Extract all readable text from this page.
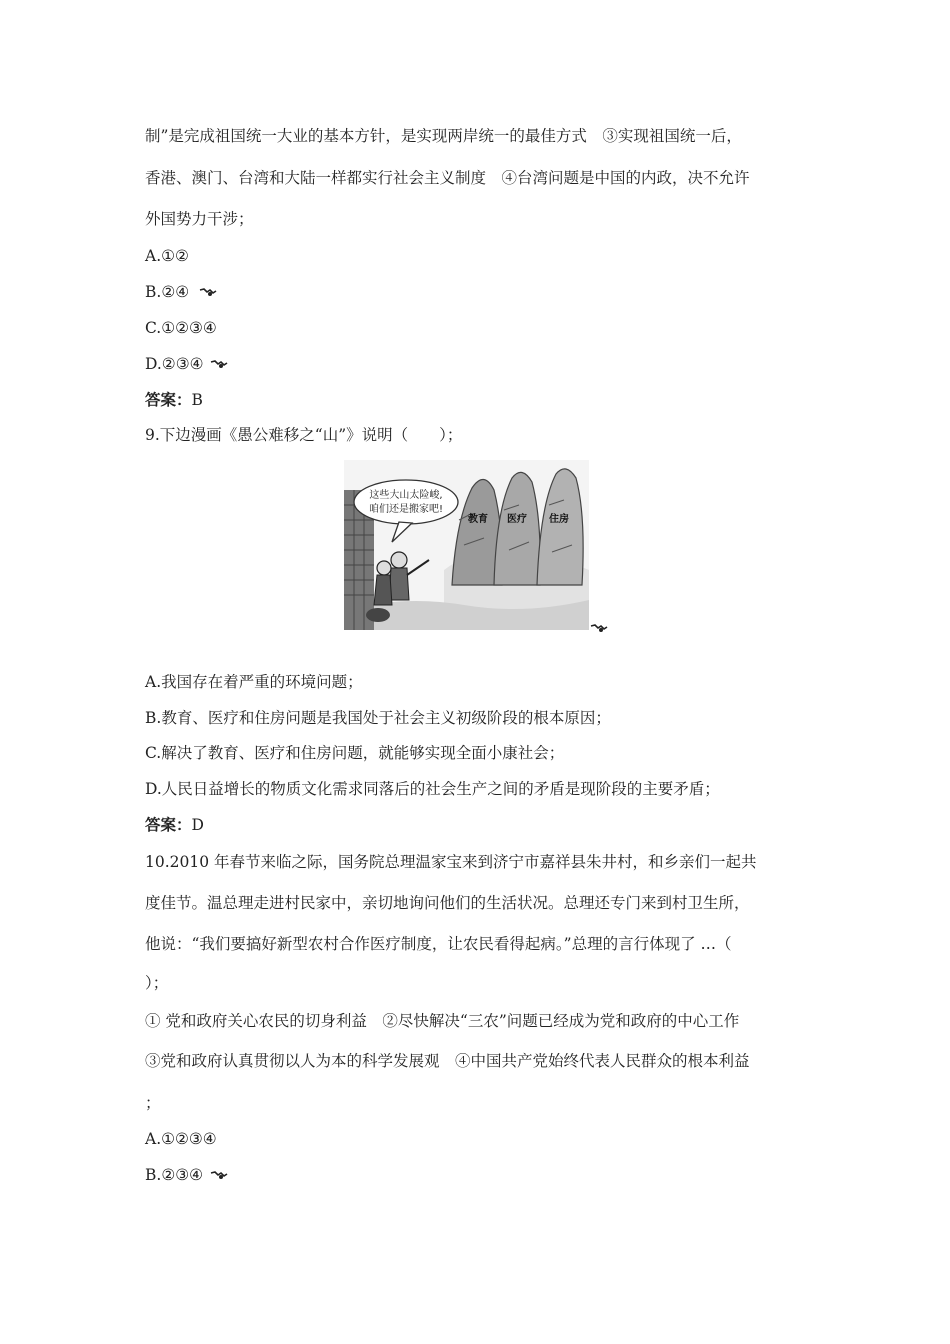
制”是完成祖国统一大业的基本方针，是实现两岸统一的最佳方式　③实现祖国统一后，
香港、澳门、台湾和大陆一样都实行社会主义制度　④台湾问题是中国的内政，决不允许
外国势力干涉；
A.①②
B.②④
C.①②③④
D.②③④
答案：B
9.下边漫画《愚公难移之“山”》说明（　　）；
这些大山太险峻,
咱们还是搬家吧!
教育 医疗 住房
A.我国存在着严重的环境问题；
B.教育、医疗和住房问题是我国处于社会主义初级阶段的根本原因；
C.解决了教育、医疗和住房问题，就能够实现全面小康社会；
D.人民日益增长的物质文化需求同落后的社会生产之间的矛盾是现阶段的主要矛盾；
答案：D
10.2010 年春节来临之际，国务院总理温家宝来到济宁市嘉祥县朱井村，和乡亲们一起共
度佳节。温总理走进村民家中，亲切地询问他们的生活状况。总理还专门来到村卫生所，
他说：“我们要搞好新型农村合作医疗制度，让农民看得起病。”总理的言行体现了 …（
）；
① 党和政府关心农民的切身利益　②尽快解决“三农”问题已经成为党和政府的中心工作
③党和政府认真贯彻以人为本的科学发展观　④中国共产党始终代表人民群众的根本利益
；
A.①②③④
B.②③④
